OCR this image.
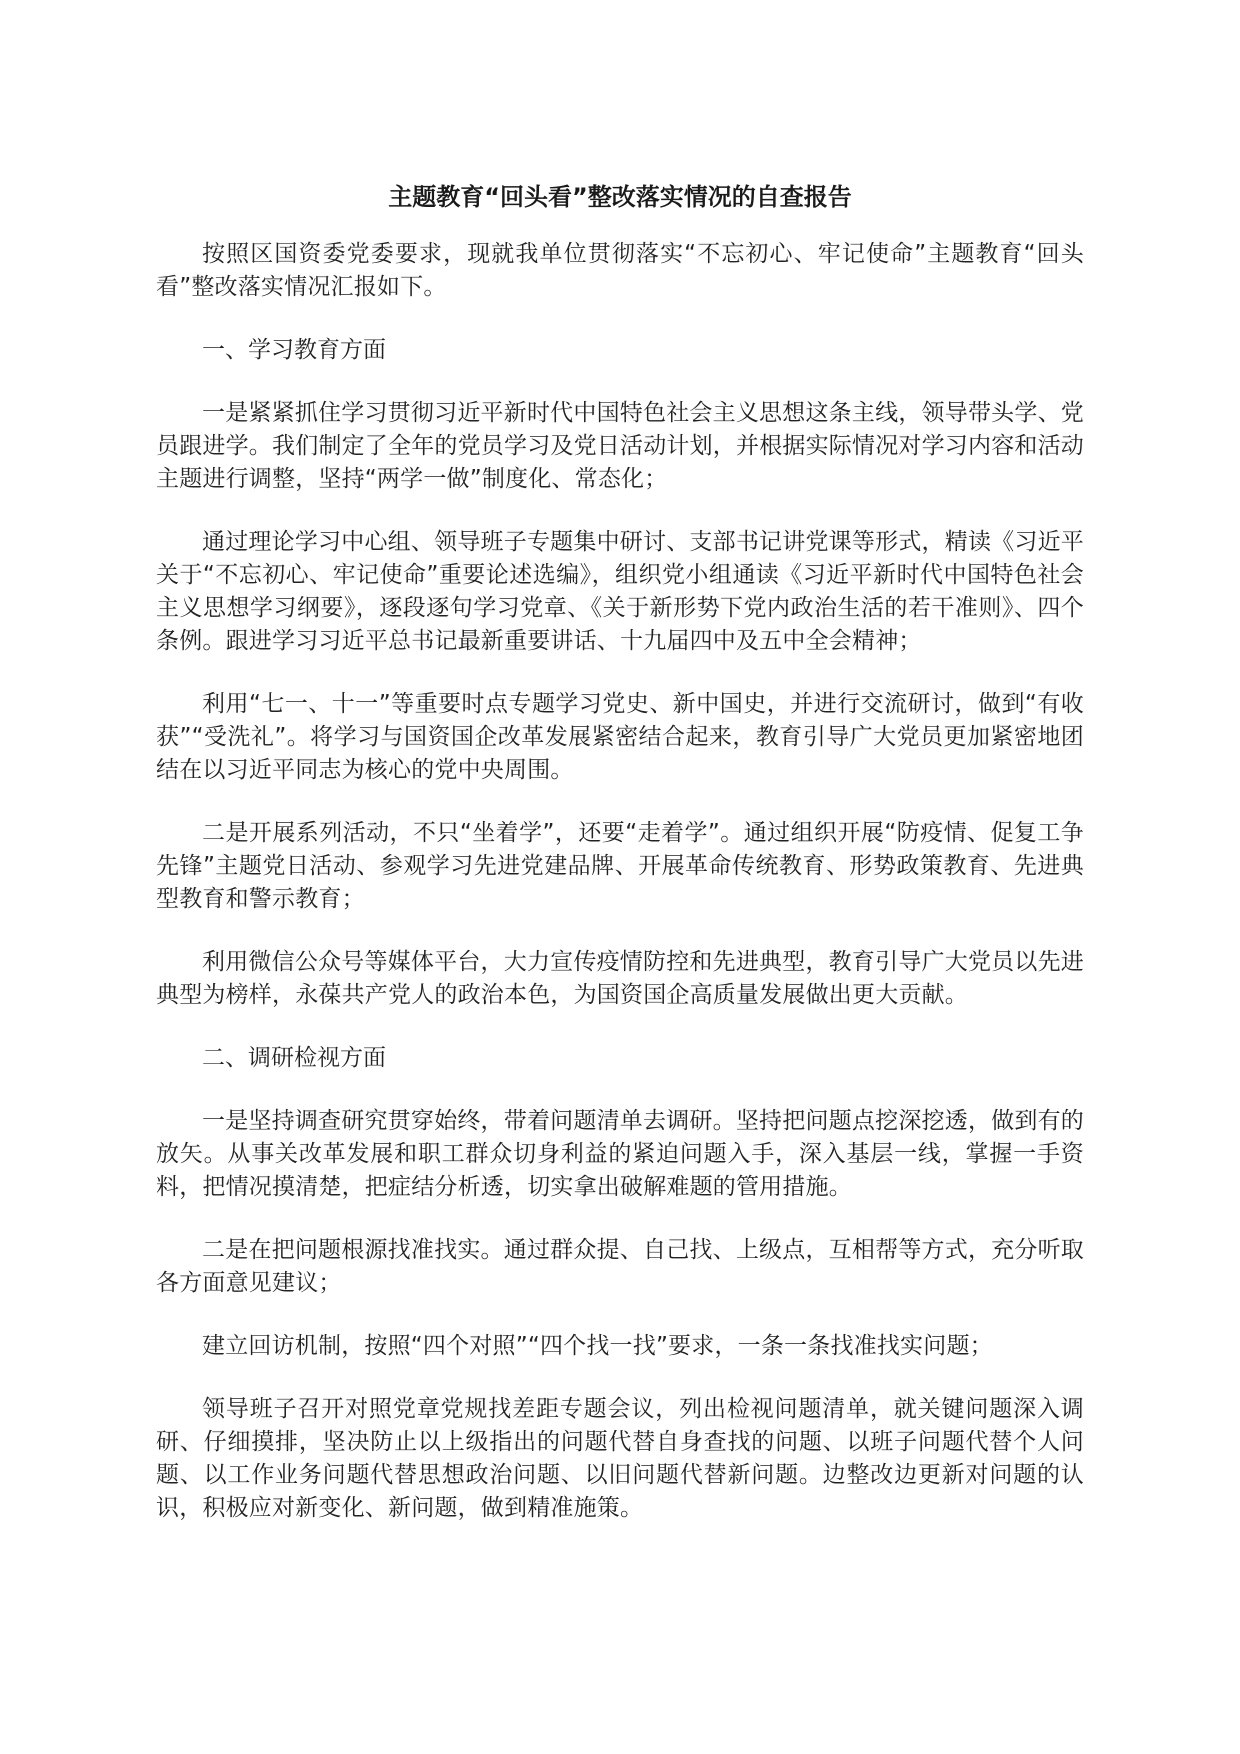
主题教育“回头看”整改落实情况的自查报告

按照区国资委党委要求，现就我单位贯彻落实“不忘初心、牢记使命”主题教育“回头看”整改落实情况汇报如下。

一、学习教育方面

一是紧紧抓住学习贯彻习近平新时代中国特色社会主义思想这条主线，领导带头学、党员跟进学。我们制定了全年的党员学习及党日活动计划，并根据实际情况对学习内容和活动主题进行调整，坚持“两学一做”制度化、常态化；

通过理论学习中心组、领导班子专题集中研讨、支部书记讲党课等形式，精读《习近平关于“不忘初心、牢记使命”重要论述选编》，组织党小组通读《习近平新时代中国特色社会主义思想学习纲要》，逐段逐句学习党章、《关于新形势下党内政治生活的若干准则》、四个条例。跟进学习习近平总书记最新重要讲话、十九届四中及五中全会精神；

利用“七一、十一”等重要时点专题学习党史、新中国史，并进行交流研讨，做到“有收获”“受洗礼”。将学习与国资国企改革发展紧密结合起来，教育引导广大党员更加紧密地团结在以习近平同志为核心的党中央周围。

二是开展系列活动，不只“坐着学”，还要“走着学”。通过组织开展“防疫情、促复工争先锋”主题党日活动、参观学习先进党建品牌、开展革命传统教育、形势政策教育、先进典型教育和警示教育；

利用微信公众号等媒体平台，大力宣传疫情防控和先进典型，教育引导广大党员以先进典型为榜样，永葆共产党人的政治本色，为国资国企高质量发展做出更大贡献。

二、调研检视方面

一是坚持调查研究贯穿始终，带着问题清单去调研。坚持把问题点挖深挖透，做到有的放矢。从事关改革发展和职工群众切身利益的紧迫问题入手，深入基层一线，掌握一手资料，把情况摸清楚，把症结分析透，切实拿出破解难题的管用措施。

二是在把问题根源找准找实。通过群众提、自己找、上级点，互相帮等方式，充分听取各方面意见建议；

建立回访机制，按照“四个对照”“四个找一找”要求，一条一条找准找实问题；

领导班子召开对照党章党规找差距专题会议，列出检视问题清单，就关键问题深入调研、仔细摸排，坚决防止以上级指出的问题代替自身查找的问题、以班子问题代替个人问题、以工作业务问题代替思想政治问题、以旧问题代替新问题。边整改边更新对问题的认识，积极应对新变化、新问题，做到精准施策。
